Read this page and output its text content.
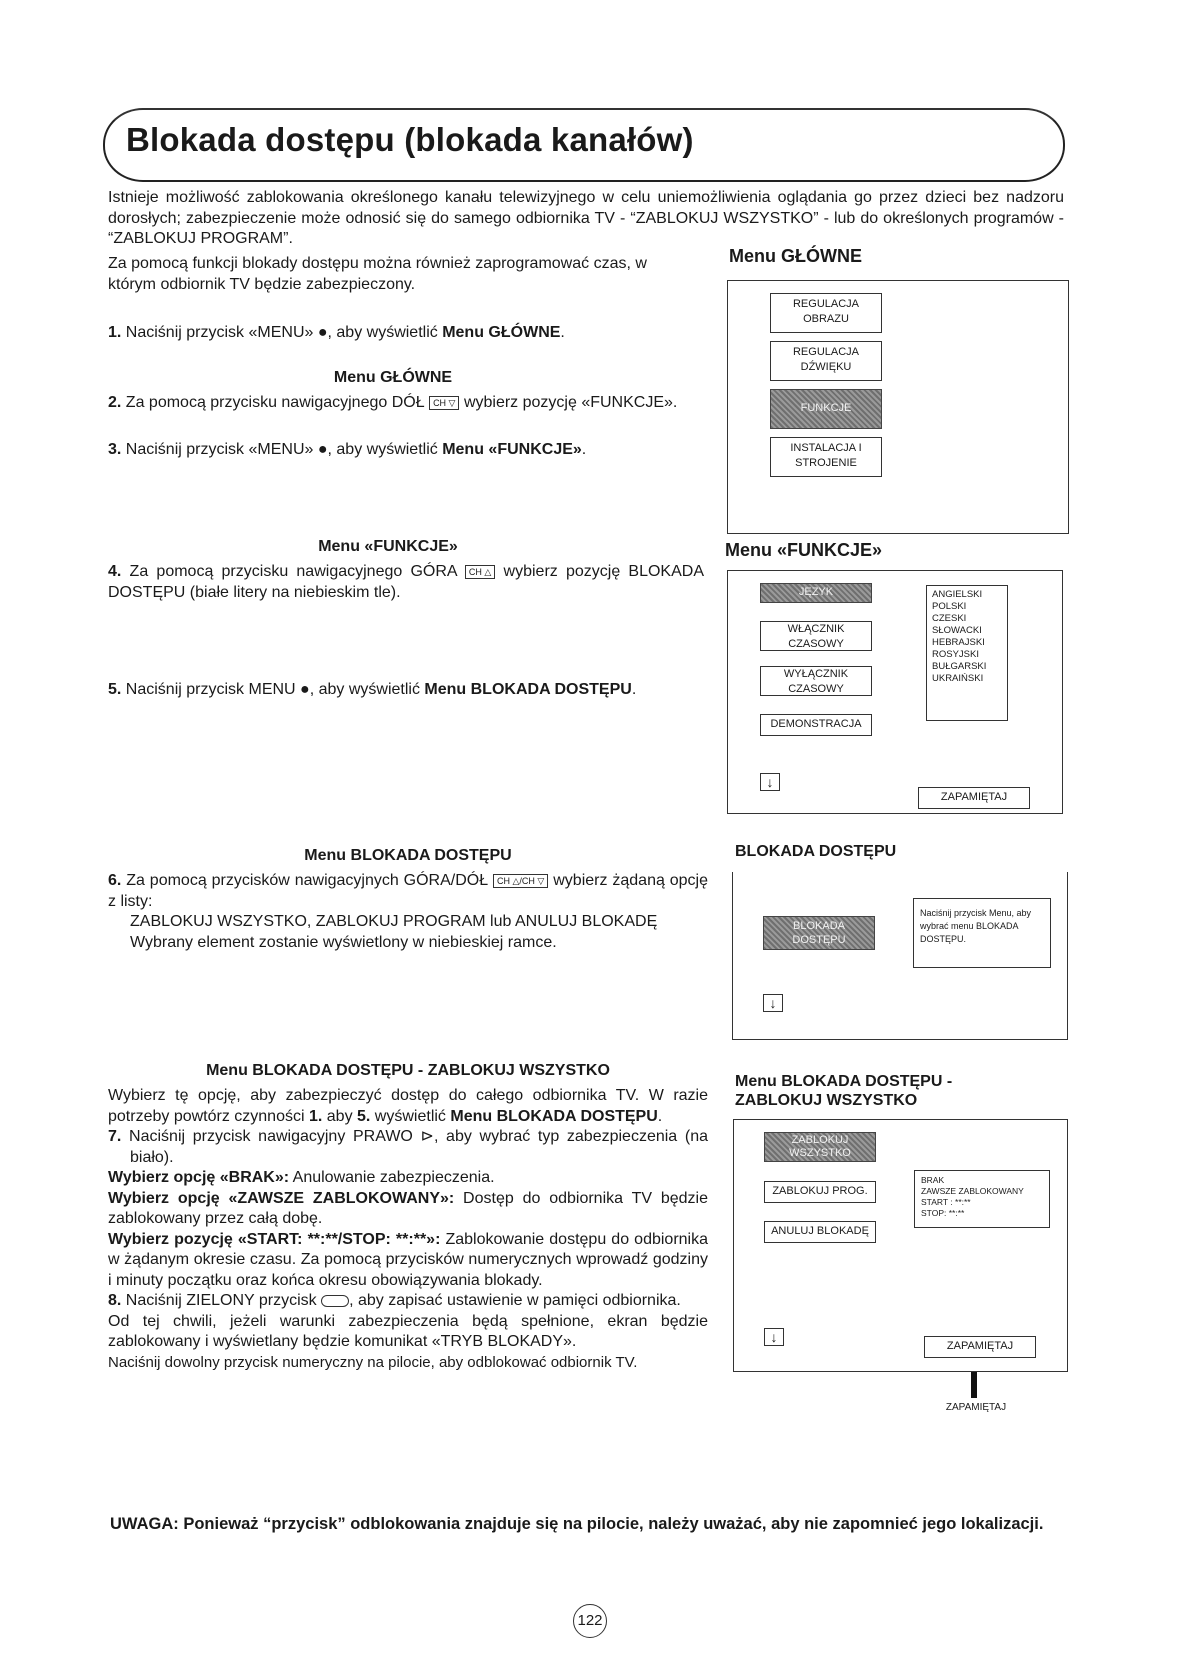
Blokada dostępu (blokada kanałów)
Istnieje możliwość zablokowania określonego kanału telewizyjnego w celu uniemożliwienia oglądania go przez dzieci bez nadzoru dorosłych; zabezpieczenie może odnosić się do samego odbiornika TV - “ZABLOKUJ WSZYSTKO” - lub do określonych programów - “ZABLOKUJ PROGRAM”.
Za pomocą funkcji blokady dostępu można również zaprogramować czas, w którym odbiornik TV będzie zabezpieczony.
1. Naciśnij przycisk «MENU» ●, aby wyświetlić Menu GŁÓWNE.
Menu GŁÓWNE
2. Za pomocą przycisku nawigacyjnego DÓŁ CH ▽ wybierz pozycję «FUNKCJE».
3. Naciśnij przycisk «MENU» ●, aby wyświetlić Menu «FUNKCJE».
Menu «FUNKCJE»
4. Za pomocą przycisku nawigacyjnego GÓRA CH △ wybierz pozycję BLOKADA DOSTĘPU (białe litery na niebieskim tle).
5. Naciśnij przycisk MENU ●, aby wyświetlić Menu BLOKADA DOSTĘPU.
Menu BLOKADA DOSTĘPU
6. Za pomocą przycisków nawigacyjnych GÓRA/DÓŁ CH △/CH ▽ wybierz żądaną opcję z listy:
ZABLOKUJ WSZYSTKO, ZABLOKUJ PROGRAM lub ANULUJ BLOKADĘ
Wybrany element zostanie wyświetlony w niebieskiej ramce.
Menu BLOKADA DOSTĘPU - ZABLOKUJ WSZYSTKO
Wybierz tę opcję, aby zabezpieczyć dostęp do całego odbiornika TV. W razie potrzeby powtórz czynności 1. aby 5. wyświetlić Menu BLOKADA DOSTĘPU.
7. Naciśnij przycisk nawigacyjny PRAWO ⊳, aby wybrać typ zabezpieczenia (na biało).
Wybierz opcję «BRAK»: Anulowanie zabezpieczenia.
Wybierz opcję «ZAWSZE ZABLOKOWANY»: Dostęp do odbiornika TV będzie zablokowany przez całą dobę.
Wybierz pozycję «START: **:**/STOP: **:**»: Zablokowanie dostępu do odbiornika w żądanym okresie czasu. Za pomocą przycisków numerycznych wprowadź godziny i minuty początku oraz końca okresu obowiązywania blokady.
8. Naciśnij ZIELONY przycisk , aby zapisać ustawienie w pamięci odbiornika.
Od tej chwili, jeżeli warunki zabezpieczenia będą spełnione, ekran będzie zablokowany i wyświetlany będzie komunikat «TRYB BLOKADY».
Naciśnij dowolny przycisk numeryczny na pilocie, aby odblokować odbiornik TV.
UWAGA: Ponieważ “przycisk” odblokowania znajduje się na pilocie, należy uważać, aby nie zapomnieć jego lokalizacji.
122
Menu GŁÓWNE
REGULACJA
OBRAZU
REGULACJA
DŹWIĘKU
FUNKCJE
INSTALACJA I
STROJENIE
Menu «FUNKCJE»
JĘZYK
WŁĄCZNIK
CZASOWY
WYŁĄCZNIK
CZASOWY
DEMONSTRACJA
ANGIELSKI
POLSKI
CZESKI
SŁOWACKI
HEBRAJSKI
ROSYJSKI
BUŁGARSKI
UKRAIŃSKI
↓
ZAPAMIĘTAJ
BLOKADA DOSTĘPU
BLOKADA
DOSTĘPU
Naciśnij przycisk Menu, aby wybrać menu BLOKADA DOSTĘPU.
↓
Menu BLOKADA DOSTĘPU - ZABLOKUJ WSZYSTKO
ZABLOKUJ
WSZYSTKO
ZABLOKUJ PROG.
ANULUJ BLOKADĘ
BRAK
ZAWSZE ZABLOKOWANY
START : **:**
STOP: **:**
↓
ZAPAMIĘTAJ
ZAPAMIĘTAJ
